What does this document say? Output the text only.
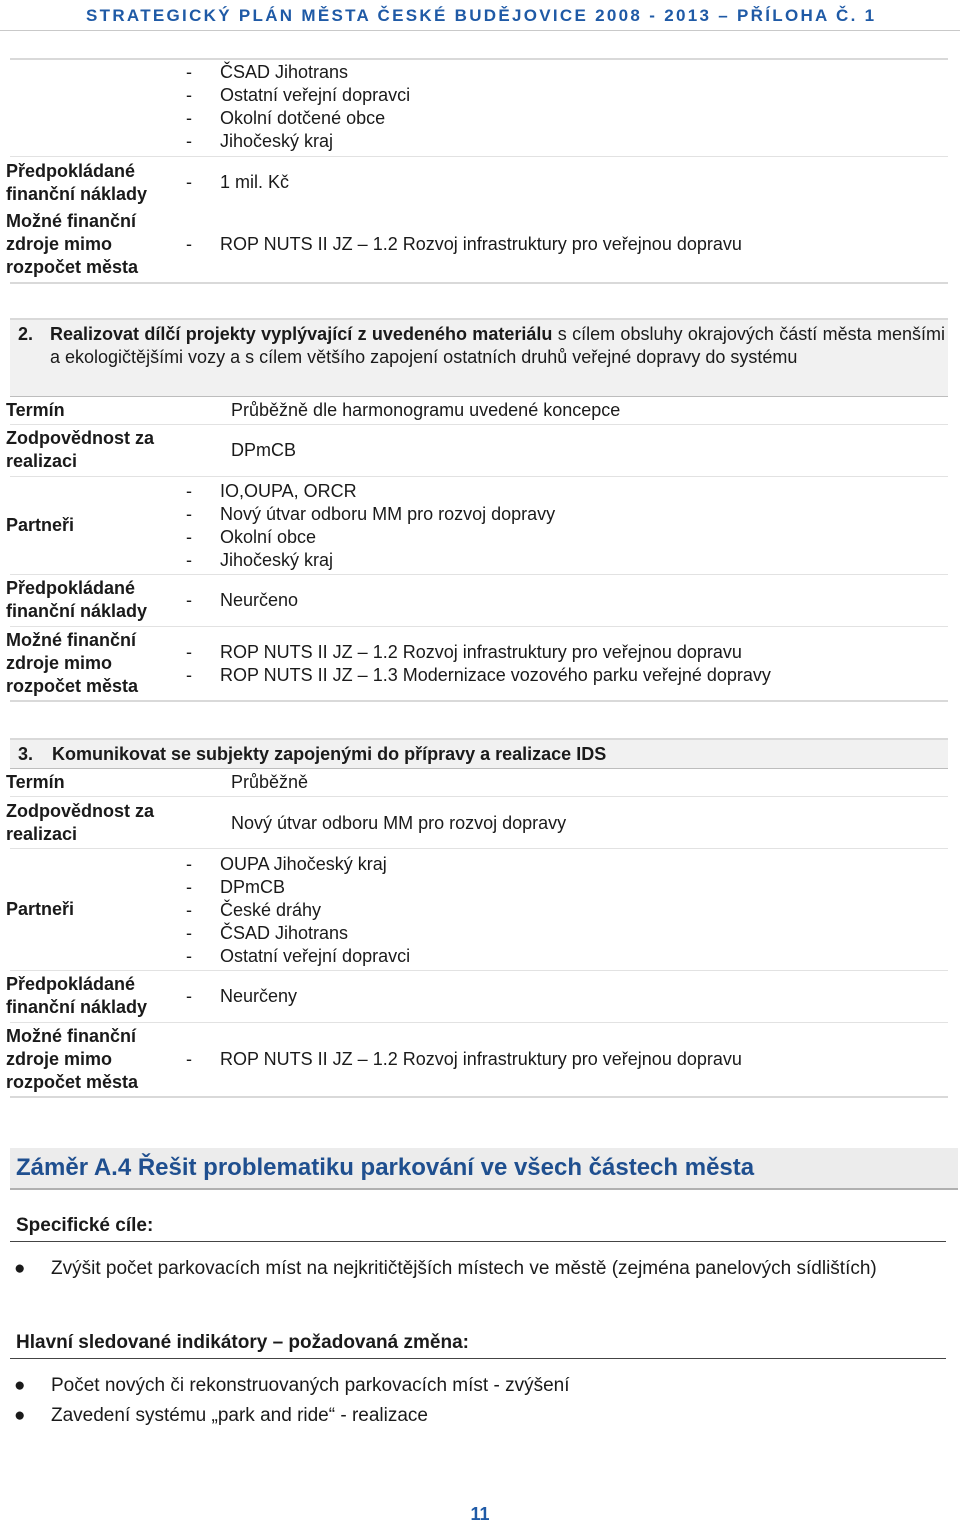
STRATEGICKÝ PLÁN MĚSTA ČESKÉ BUDĚJOVICE 2008 - 2013 – PŘÍLOHA Č. 1
- ČSAD Jihotrans
- Ostatní veřejní dopravci
- Okolní dotčené obce
- Jihočeský kraj
Předpokládané finanční náklady
- 1 mil. Kč
Možné finanční zdroje mimo rozpočet města
- ROP NUTS II JZ – 1.2 Rozvoj infrastruktury pro veřejnou dopravu
2. Realizovat dílčí projekty vyplývající z uvedeného materiálu s cílem obsluhy okrajových částí města menšími a ekologičtějšími vozy a s cílem většího zapojení ostatních druhů veřejné dopravy do systému
Termín	Průběžně dle harmonogramu uvedené koncepce
Zodpovědnost za realizaci
DPmCB
Partneři
- IO,OUPA, ORCR
- Nový útvar odboru MM pro rozvoj dopravy
- Okolní obce
- Jihočeský kraj
Předpokládané finanční náklady
- Neurčeno
Možné finanční zdroje mimo rozpočet města
- ROP NUTS II JZ – 1.2 Rozvoj infrastruktury pro veřejnou dopravu
- ROP NUTS II JZ – 1.3 Modernizace vozového parku veřejné dopravy
3. Komunikovat se subjekty zapojenými do přípravy a realizace IDS
Termín	Průběžně
Zodpovědnost za realizaci
Nový útvar odboru MM pro rozvoj dopravy
Partneři
- OUPA Jihočeský kraj
- DPmCB
- České dráhy
- ČSAD Jihotrans
- Ostatní veřejní dopravci
Předpokládané finanční náklady
- Neurčeny
Možné finanční zdroje mimo rozpočet města
- ROP NUTS II JZ – 1.2 Rozvoj infrastruktury pro veřejnou dopravu
Záměr A.4 Řešit problematiku parkování ve všech částech města
Specifické cíle:
● Zvýšit počet parkovacích míst na nejkritičtějších místech ve městě (zejména panelových sídlištích)
Hlavní sledované indikátory – požadovaná změna:
● Počet nových či rekonstruovaných parkovacích míst - zvýšení
● Zavedení systému „park and ride“ - realizace
11
